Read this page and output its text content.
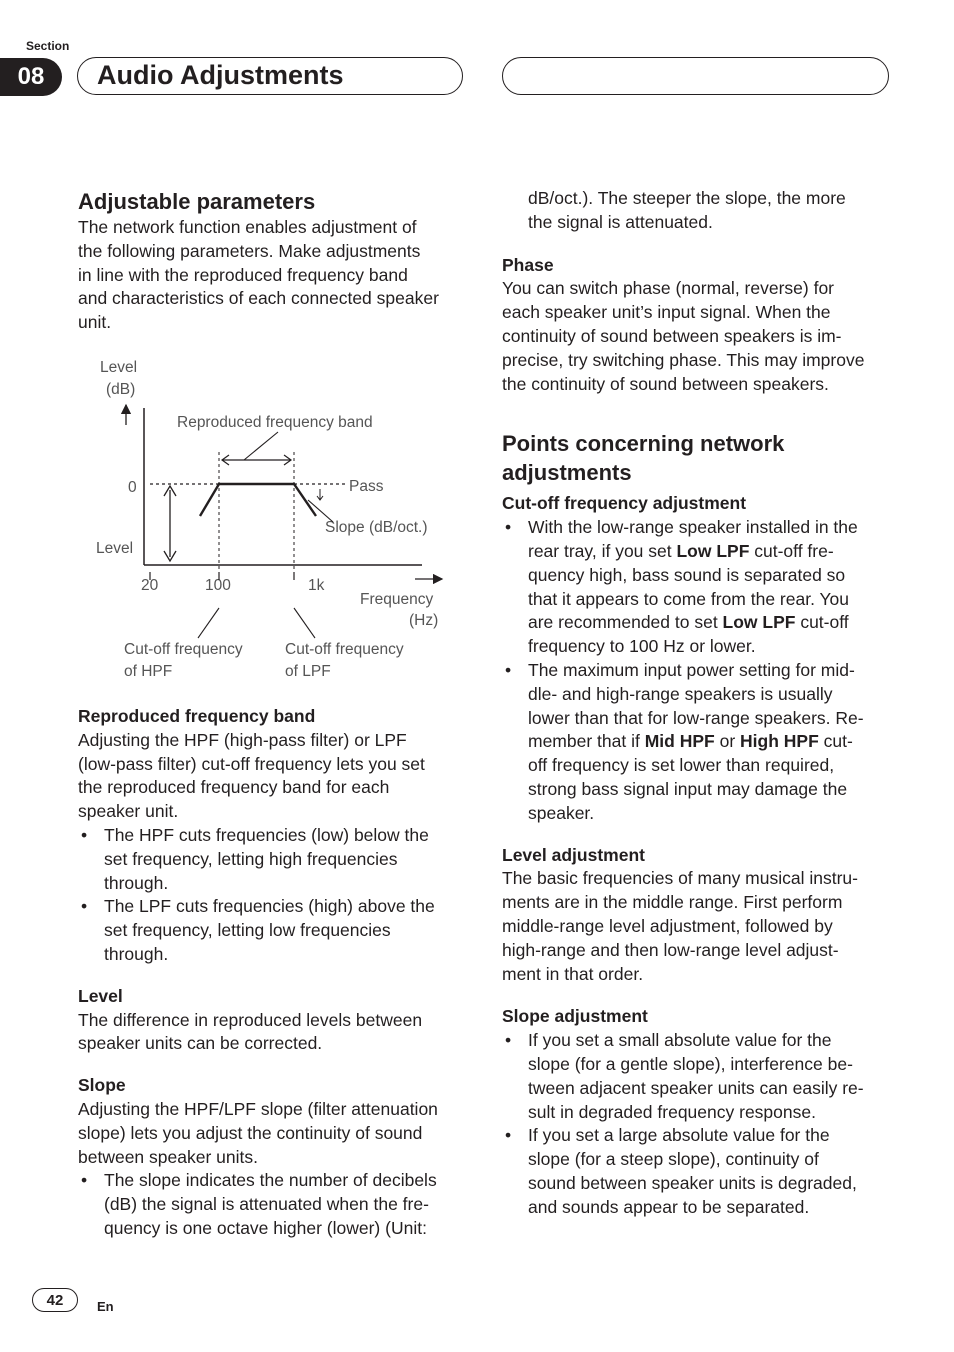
Section
08	Audio Adjustments
Adjustable parameters

The network function enables adjustment of

the following parameters. Make adjustments

in line with the reproduced frequency band

and characteristics of each connected speaker

unit.

Level
(dB)
Reproduced frequency band
0	Pass
Slope (dB/oct.)
Level
20	100	1k
Frequency
(Hz)
Cut-off frequency
of HPF
Cut-off frequency
of LPF
Reproduced frequency band

Adjusting the HPF (high-pass filter) or LPF

(low-pass filter) cut-off frequency lets you set

the reproduced frequency band for each

speaker unit.

• The HPF cuts frequencies (low) below the
set frequency, letting high frequencies
through.
• The LPF cuts frequencies (high) above the
set frequency, letting low frequencies
through.
Level

The difference in reproduced levels between

speaker units can be corrected.

Slope

Adjusting the HPF/LPF slope (filter attenuation

slope) lets you adjust the continuity of sound

between speaker units.

• The slope indicates the number of decibels
(dB) the signal is attenuated when the fre-
quency is one octave higher (lower) (Unit:
dB/oct.). The steeper the slope, the more
the signal is attenuated.
Phase

You can switch phase (normal, reverse) for

each speaker unit’s input signal. When the

continuity of sound between speakers is im-

precise, try switching phase. This may improve

the continuity of sound between speakers.

Points concerning network
adjustments
Cut-off frequency adjustment
• With the low-range speaker installed in the
rear tray, if you set Low LPF cut-off fre-
quency high, bass sound is separated so
that it appears to come from the rear. You
are recommended to set Low LPF cut-off
frequency to 100 Hz or lower.
• The maximum input power setting for mid-
dle- and high-range speakers is usually
lower than that for low-range speakers. Re-
member that if Mid HPF or High HPF cut-
off frequency is set lower than required,
strong bass signal input may damage the
speaker.
Level adjustment

The basic frequencies of many musical instru-

ments are in the middle range. First perform

middle-range level adjustment, followed by

high-range and then low-range level adjust-

ment in that order.

Slope adjustment
• If you set a small absolute value for the
slope (for a gentle slope), interference be-
tween adjacent speaker units can easily re-
sult in degraded frequency response.
• If you set a large absolute value for the
slope (for a steep slope), continuity of
sound between speaker units is degraded,
and sounds appear to be separated.
42	En
